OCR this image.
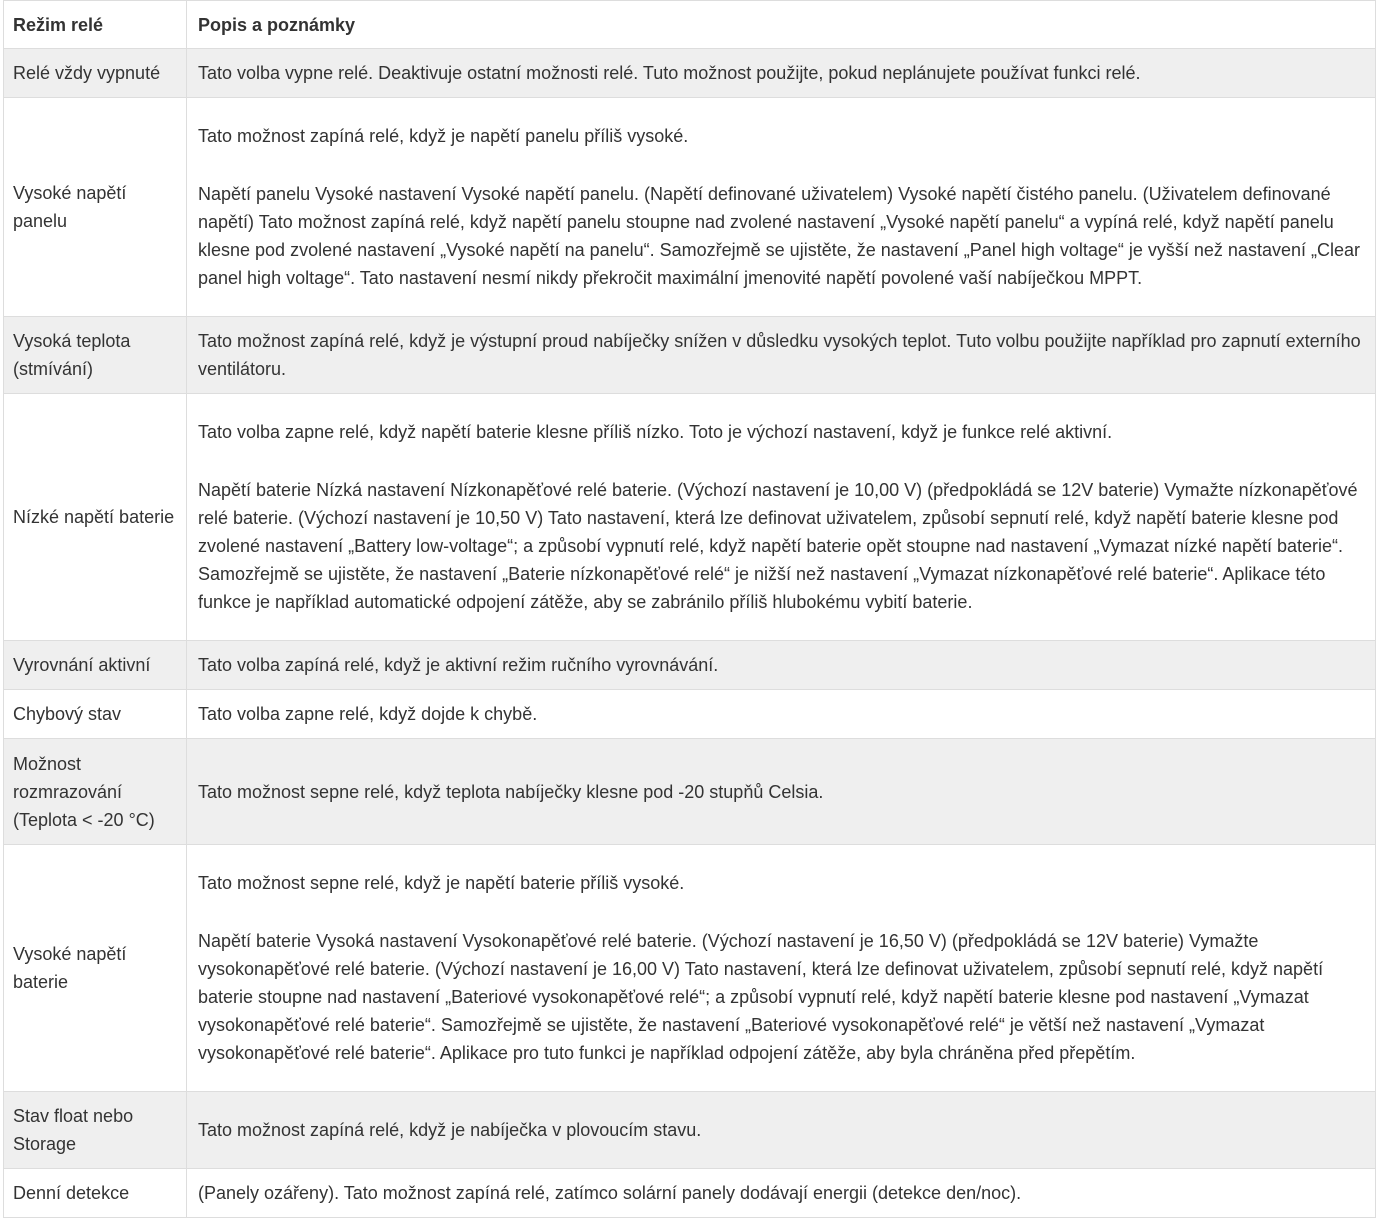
Režim relé	Popis a poznámky
Relé vždy vypnuté	Tato volba vypne relé. Deaktivuje ostatní možnosti relé. Tuto možnost použijte, pokud neplánujete používat funkci relé.

Vysoké napětí panelu	Tato možnost zapíná relé, když je napětí panelu příliš vysoké.

Napětí panelu Vysoké nastavení Vysoké napětí panelu. (Napětí definované uživatelem) Vysoké napětí čistého panelu. (Uživatelem definované napětí) Tato možnost zapíná relé, když napětí panelu stoupne nad zvolené nastavení „Vysoké napětí panelu“ a vypíná relé, když napětí panelu klesne pod zvolené nastavení „Vysoké napětí na panelu“. Samozřejmě se ujistěte, že nastavení „Panel high voltage“ je vyšší než nastavení „Clear panel high voltage“. Tato nastavení nesmí nikdy překročit maximální jmenovité napětí povolené vaší nabíječkou MPPT.

Vysoká teplota (stmívání)	Tato možnost zapíná relé, když je výstupní proud nabíječky snížen v důsledku vysokých teplot. Tuto volbu použijte například pro zapnutí externího ventilátoru.

Nízké napětí baterie	Tato volba zapne relé, když napětí baterie klesne příliš nízko. Toto je výchozí nastavení, když je funkce relé aktivní.

Napětí baterie Nízká nastavení Nízkonapěťové relé baterie. (Výchozí nastavení je 10,00 V) (předpokládá se 12V baterie) Vymažte nízkonapěťové relé baterie. (Výchozí nastavení je 10,50 V) Tato nastavení, která lze definovat uživatelem, způsobí sepnutí relé, když napětí baterie klesne pod zvolené nastavení „Battery low-voltage“; a způsobí vypnutí relé, když napětí baterie opět stoupne nad nastavení „Vymazat nízké napětí baterie“. Samozřejmě se ujistěte, že nastavení „Baterie nízkonapěťové relé“ je nižší než nastavení „Vymazat nízkonapěťové relé baterie“. Aplikace této funkce je například automatické odpojení zátěže, aby se zabránilo příliš hlubokému vybití baterie.

Vyrovnání aktivní	Tato volba zapíná relé, když je aktivní režim ručního vyrovnávání.

Chybový stav	Tato volba zapne relé, když dojde k chybě.

Možnost rozmrazování (Teplota < -20 °C)	Tato možnost sepne relé, když teplota nabíječky klesne pod -20 stupňů Celsia.

Vysoké napětí baterie	Tato možnost sepne relé, když je napětí baterie příliš vysoké.

Napětí baterie Vysoká nastavení Vysokonapěťové relé baterie. (Výchozí nastavení je 16,50 V) (předpokládá se 12V baterie) Vymažte vysokonapěťové relé baterie. (Výchozí nastavení je 16,00 V) Tato nastavení, která lze definovat uživatelem, způsobí sepnutí relé, když napětí baterie stoupne nad nastavení „Bateriové vysokonapěťové relé“; a způsobí vypnutí relé, když napětí baterie klesne pod nastavení „Vymazat vysokonapěťové relé baterie“. Samozřejmě se ujistěte, že nastavení „Bateriové vysokonapěťové relé“ je větší než nastavení „Vymazat vysokonapěťové relé baterie“. Aplikace pro tuto funkci je například odpojení zátěže, aby byla chráněna před přepětím.

Stav float nebo Storage	Tato možnost zapíná relé, když je nabíječka v plovoucím stavu.

Denní detekce	(Panely ozářeny). Tato možnost zapíná relé, zatímco solární panely dodávají energii (detekce den/noc).
